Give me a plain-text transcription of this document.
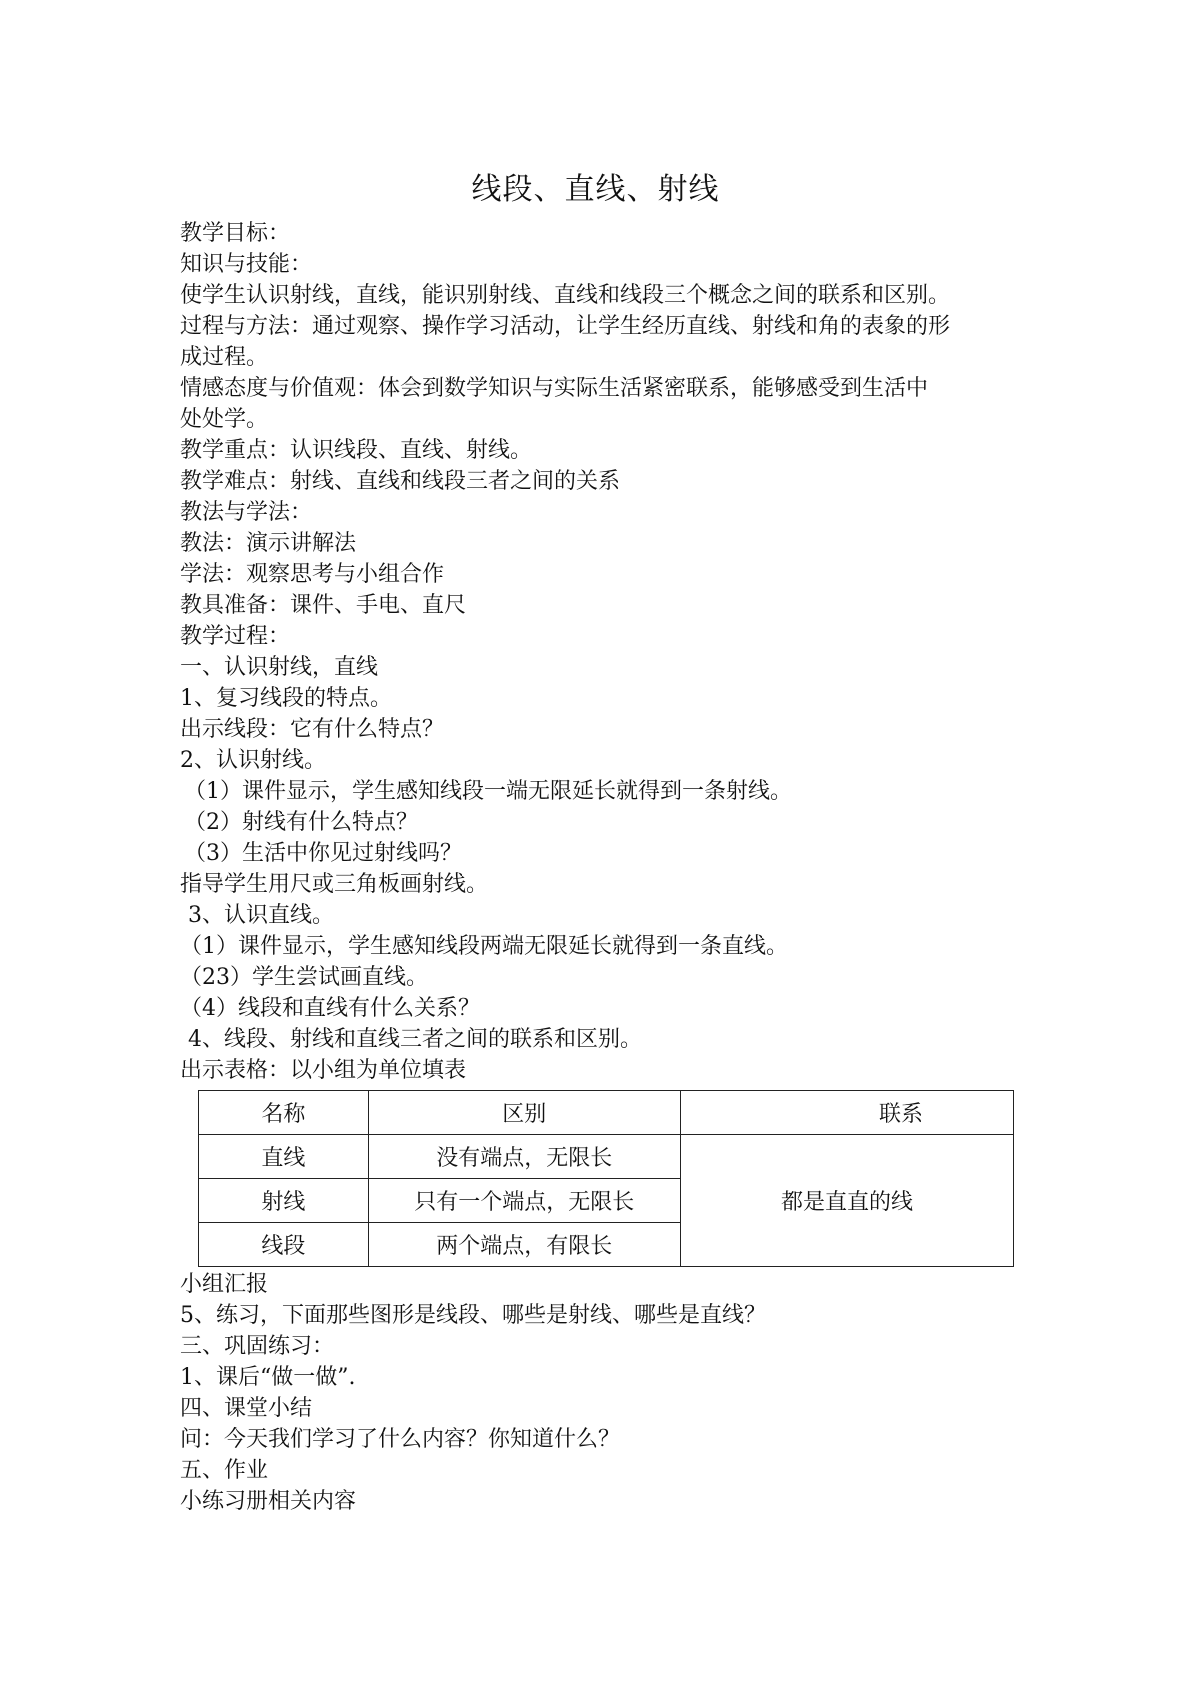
线段、直线、射线
教学目标：
知识与技能：
使学生认识射线，直线，能识别射线、直线和线段三个概念之间的联系和区别。
过程与方法：通过观察、操作学习活动，让学生经历直线、射线和角的表象的形
成过程。
情感态度与价值观：体会到数学知识与实际生活紧密联系，能够感受到生活中
处处学。
教学重点：认识线段、直线、射线。
教学难点：射线、直线和线段三者之间的关系
教法与学法：
教法：演示讲解法
学法：观察思考与小组合作
教具准备：课件、手电、直尺
教学过程：
一、认识射线，直线
1、复习线段的特点。
出示线段：它有什么特点？
2、认识射线。
（1）课件显示，学生感知线段一端无限延长就得到一条射线。
（2）射线有什么特点？
（3）生活中你见过射线吗？
指导学生用尺或三角板画射线。
3、认识直线。
（1）课件显示，学生感知线段两端无限延长就得到一条直线。
（23）学生尝试画直线。
（4）线段和直线有什么关系？
4、线段、射线和直线三者之间的联系和区别。
出示表格：以小组为单位填表
名称	区别	联系
直线	没有端点，无限长	都是直直的线
射线	只有一个端点，无限长	
线段	两个端点，有限长	
小组汇报
5、练习，下面那些图形是线段、哪些是射线、哪些是直线？
三、巩固练习：
1、课后“做一做”.
四、课堂小结
问：今天我们学习了什么内容？你知道什么？
五、作业
小练习册相关内容
